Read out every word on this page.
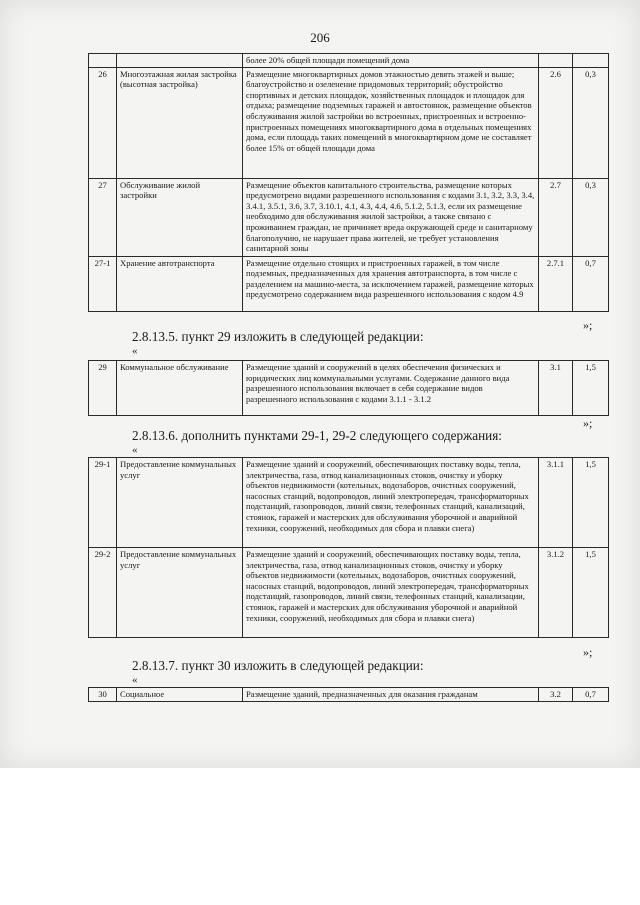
206
		более 20% общей площади помещений дома		
26	Многоэтажная жилая застройка (высотная застройка)	Размещение многоквартирных домов этажностью девять этажей и выше; благоустройство и озеленение придомовых территорий; обустройство спортивных и детских площадок, хозяйственных площадок и площадок для отдыха; размещение подземных гаражей и автостоянок, размещение объектов обслуживания жилой застройки во встроенных, пристроенных и встроенно-пристроенных помещениях многоквартирного дома в отдельных помещениях дома, если площадь таких помещений в многоквартирном доме не составляет более 15% от общей площади дома	2.6	0,3
27	Обслуживание жилой застройки	Размещение объектов капитального строительства, размещение которых предусмотрено видами разрешенного использования с кодами 3.1, 3.2, 3.3, 3.4, 3.4.1, 3.5.1, 3.6, 3.7, 3.10.1, 4.1, 4.3, 4.4, 4.6, 5.1.2, 5.1.3, если их размещение необходимо для обслуживания жилой застройки, а также связано с проживанием граждан, не причиняет вреда окружающей среде и санитарному благополучию, не нарушает права жителей, не требует установления санитарной зоны	2.7	0,3
27-1	Хранение автотранспорта	Размещение отдельно стоящих и пристроенных гаражей, в том числе подземных, предназначенных для хранения автотранспорта, в том числе с разделением на машино-места, за исключением гаражей, размещение которых предусмотрено содержанием вида разрешенного использования с кодом 4.9	2.7.1	0,7
»;
2.8.13.5. пункт 29 изложить в следующей редакции:
«
29	Коммунальное обслуживание	Размещение зданий и сооружений в целях обеспечения физических и юридических лиц коммунальными услугами. Содержание данного вида разрешенного использования включает в себя содержание видов разрешенного использования с кодами 3.1.1 - 3.1.2	3.1	1,5
»;
2.8.13.6. дополнить пунктами 29-1, 29-2 следующего содержания:
«
29-1	Предоставление коммунальных услуг	Размещение зданий и сооружений, обеспечивающих поставку воды, тепла, электричества, газа, отвод канализационных стоков, очистку и уборку объектов недвижимости (котельных, водозаборов, очистных сооружений, насосных станций, водопроводов, линий электропередач, трансформаторных подстанций, газопроводов, линий связи, телефонных станций, канализаций, стоянок, гаражей и мастерских для обслуживания уборочной и аварийной техники, сооружений, необходимых для сбора и плавки снега)	3.1.1	1,5
29-2	Предоставление коммунальных услуг	Размещение зданий и сооружений, обеспечивающих поставку воды, тепла, электричества, газа, отвод канализационных стоков, очистку и уборку объектов недвижимости (котельных, водозаборов, очистных сооружений, насосных станций, водопроводов, линий электропередач, трансформаторных подстанций, газопроводов, линий связи, телефонных станций, канализации, стоянок, гаражей и мастерских для обслуживания уборочной и аварийной техники, сооружений, необходимых для сбора и плавки снега)	3.1.2	1,5
»;
2.8.13.7. пункт 30 изложить в следующей редакции:
«
30	Социальное	Размещение зданий, предназначенных для оказания гражданам	3.2	0,7
